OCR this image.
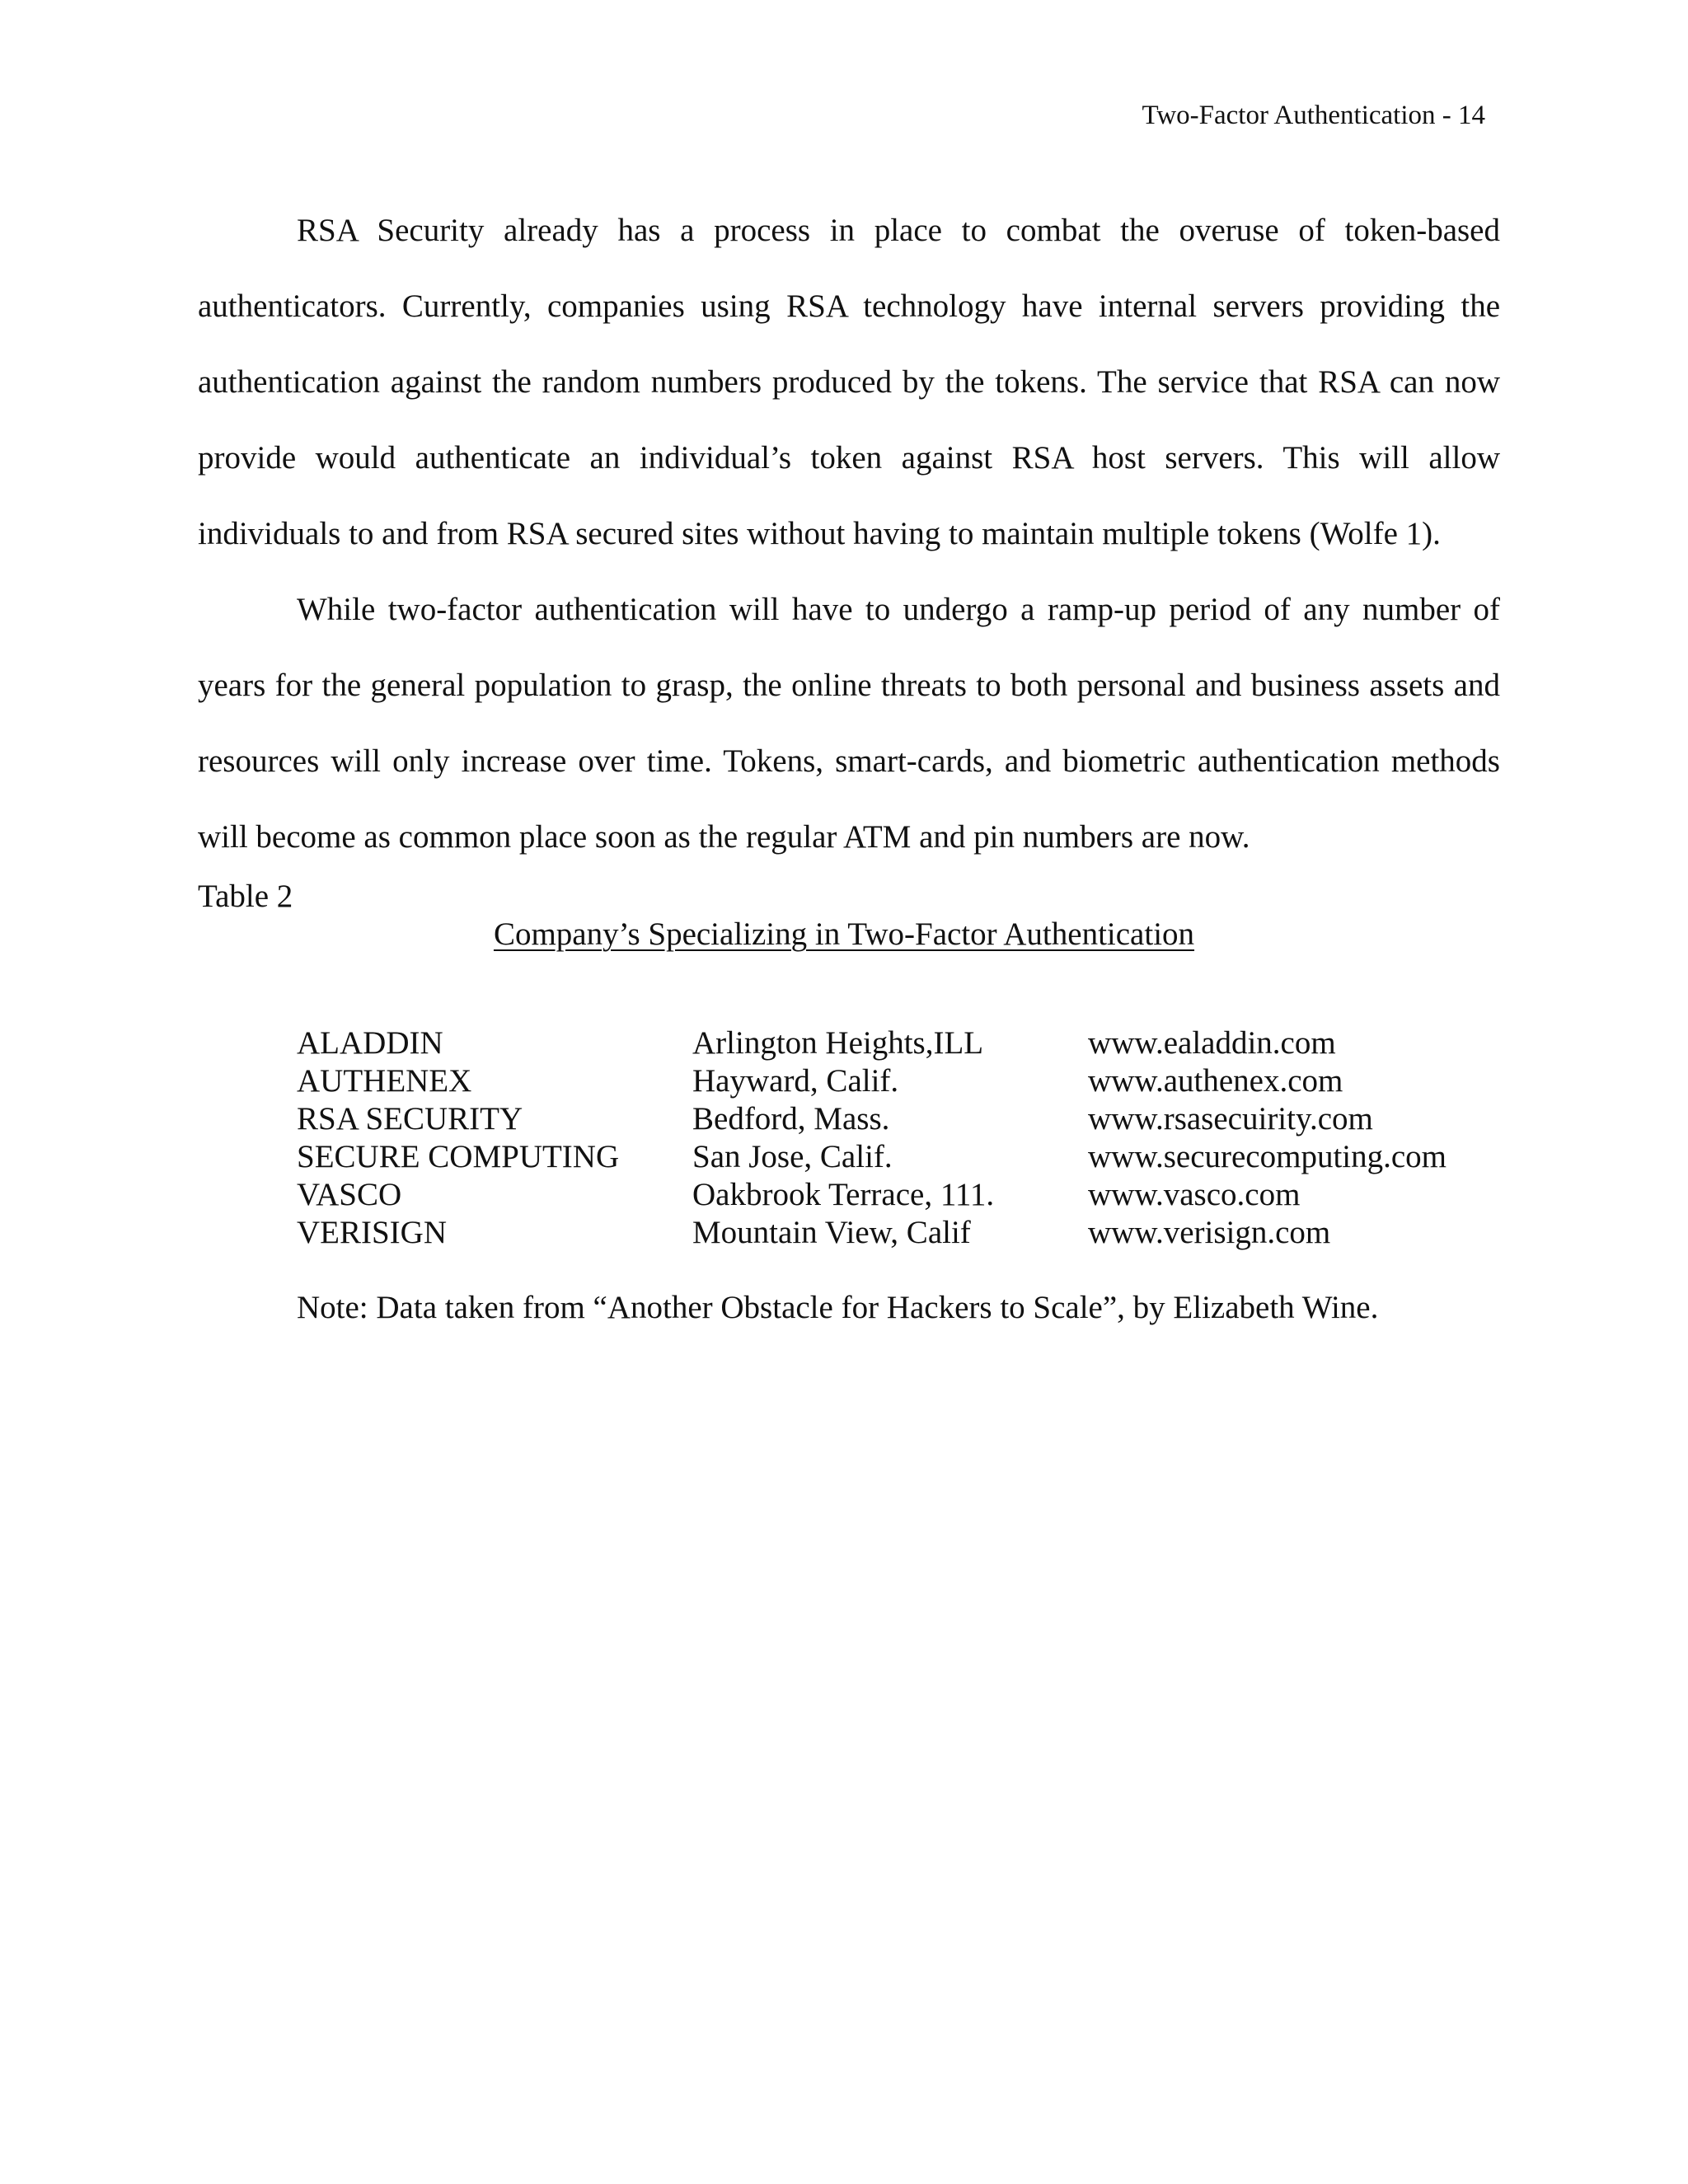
Two-Factor Authentication - 14

RSA Security already has a process in place to combat the overuse of token-based authenticators. Currently, companies using RSA technology have internal servers providing the authentication against the random numbers produced by the tokens. The service that RSA can now provide would authenticate an individual’s token against RSA host servers. This will allow individuals to and from RSA secured sites without having to maintain multiple tokens (Wolfe 1).

While two-factor authentication will have to undergo a ramp-up period of any number of years for the general population to grasp, the online threats to both personal and business assets and resources will only increase over time. Tokens, smart-cards, and biometric authentication methods will become as common place soon as the regular ATM and pin numbers are now.

Table 2
Company’s Specializing in Two-Factor Authentication
ALADDIN	Arlington Heights,ILL	www.ealaddin.com
AUTHENEX	Hayward, Calif.	www.authenex.com
RSA SECURITY	Bedford, Mass.	www.rsasecuirity.com
SECURE COMPUTING	San Jose, Calif.	www.securecomputing.com
VASCO	Oakbrook Terrace, 111.	www.vasco.com
VERISIGN	Mountain View, Calif	www.verisign.com
Note: Data taken from “Another Obstacle for Hackers to Scale”, by Elizabeth Wine.
